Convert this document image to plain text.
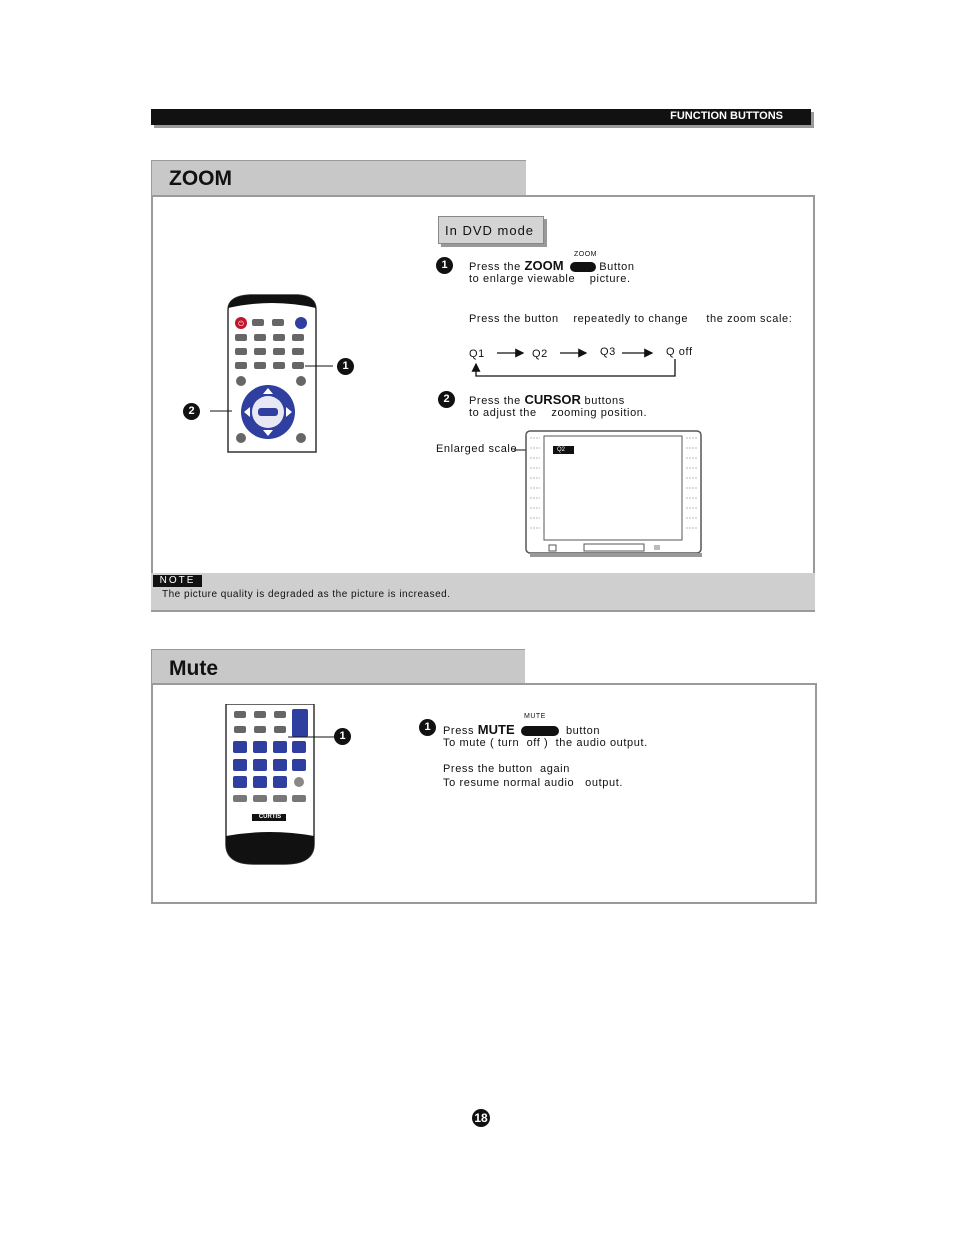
FUNCTION BUTTONS
ZOOM
⏻
1
2
In DVD mode
1
ZOOM
Press the ZOOM	Button
to enlarge viewable    picture.
Press the button    repeatedly to change     the zoom scale:
Q1	Q2	Q3	Q off
2	Press the CURSOR buttons
to adjust the    zooming position.
Enlarged scale	Q2
NOTE
The picture quality is degraded as the picture is increased.
Mute
CURTIS
1
1
MUTE
Press MUTE	button
To mute ( turn  off )  the audio output.
Press the button  again
To resume normal audio   output.
18
